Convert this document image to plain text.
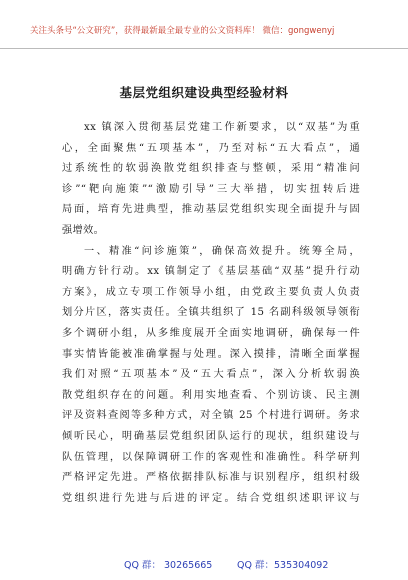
关注头条号“公文研究”，获得最新最全最专业的公文资料库！ 微信：gongwenyj
基层党组织建设典型经验材料
xx 镇深入贯彻基层党建工作新要求，以“双基”为重
心，全面聚焦“五项基本”，乃至对标“五大看点”，通
过系统性的软弱涣散党组织排查与整顿，采用“精准问
诊”“靶向施策”“激励引导”三大举措，切实扭转后进
局面，培育先进典型，推动基层党组织实现全面提升与固
强增效。
一、精准“问诊施策”，确保高效提升。统筹全局，
明确方针行动。xx 镇制定了《基层基础“双基”提升行动
方案》，成立专项工作领导小组，由党政主要负责人负责
划分片区，落实责任。全镇共组织了 15 名副科级领导领衔
多个调研小组，从多维度展开全面实地调研，确保每一件
事实情皆能被准确掌握与处理。深入摸排，清晰全面掌握
我们对照“五项基本”及“五大看点”，深入分析软弱涣
散党组织存在的问题。利用实地查看、个别访谈、民主测
评及资料查阅等多种方式，对全镇 25 个村进行调研。务求
倾听民心，明确基层党组织团队运行的现状，组织建设与
队伍管理，以保障调研工作的客观性和准确性。科学研判
严格评定先进。严格依据排队标准与识别程序，组织村级
党组织进行先进与后进的评定。结合党组织述职评议与
QQ 群： 30265665	QQ 群：535304092
